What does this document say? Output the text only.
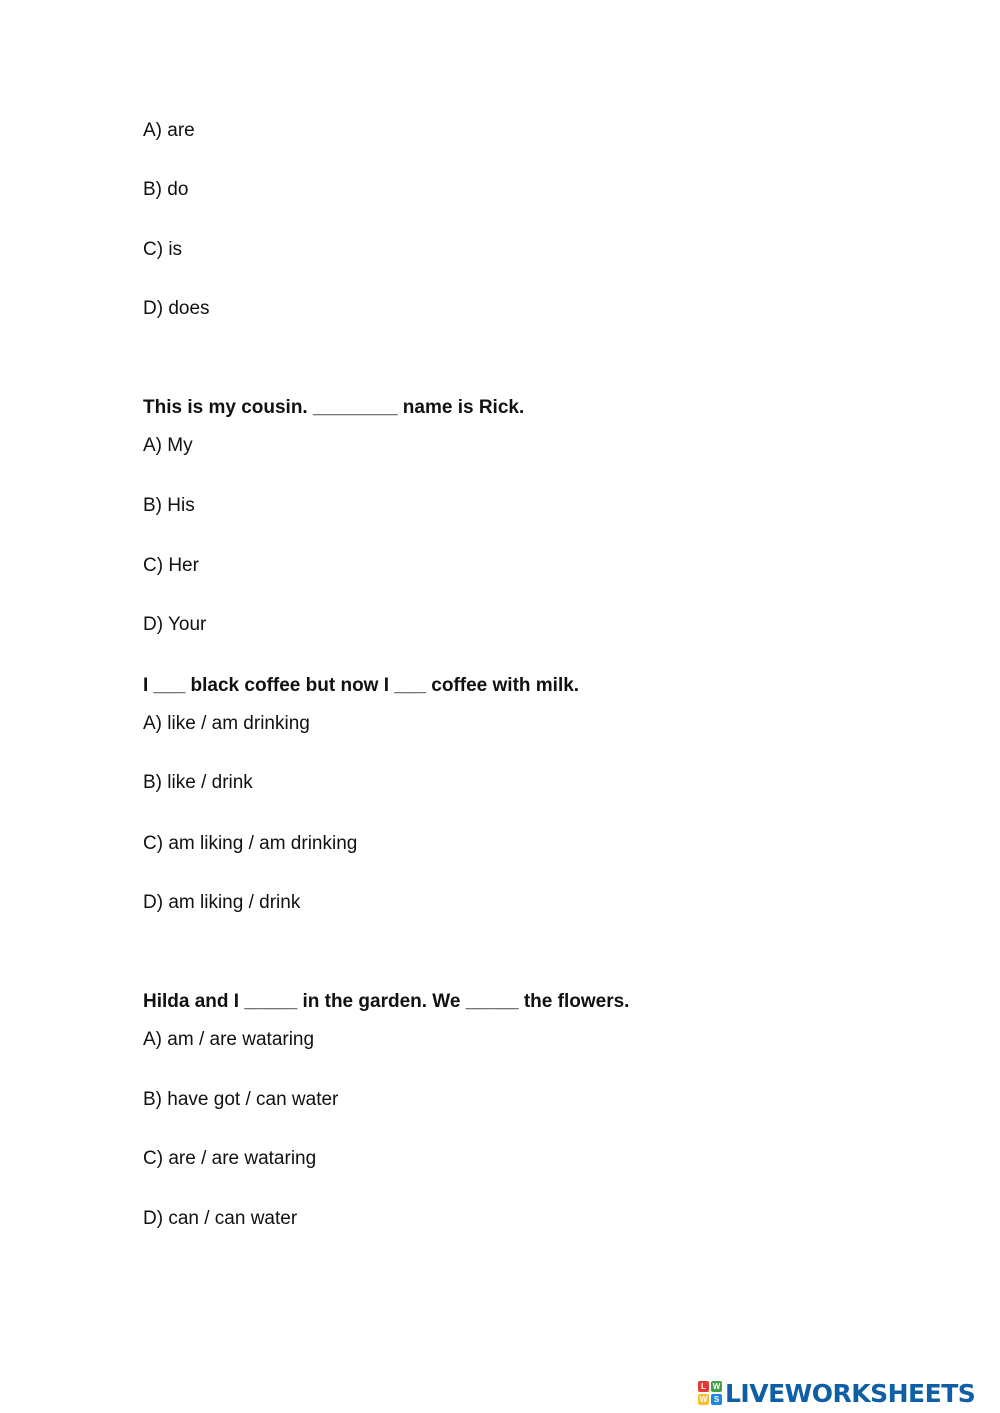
A) are
B) do
C) is
D) does
This is my cousin. ________ name is Rick.
A) My
B) His
C) Her
D) Your
I ___ black coffee but now I ___ coffee with milk.
A) like / am drinking
B) like / drink
C) am liking / am drinking
D) am liking / drink
Hilda and I _____ in the garden. We _____ the flowers.
A) am / are wataring
B) have got / can water
C) are / are wataring
D) can / can water
L W
W S LIVEWORKSHEETS
